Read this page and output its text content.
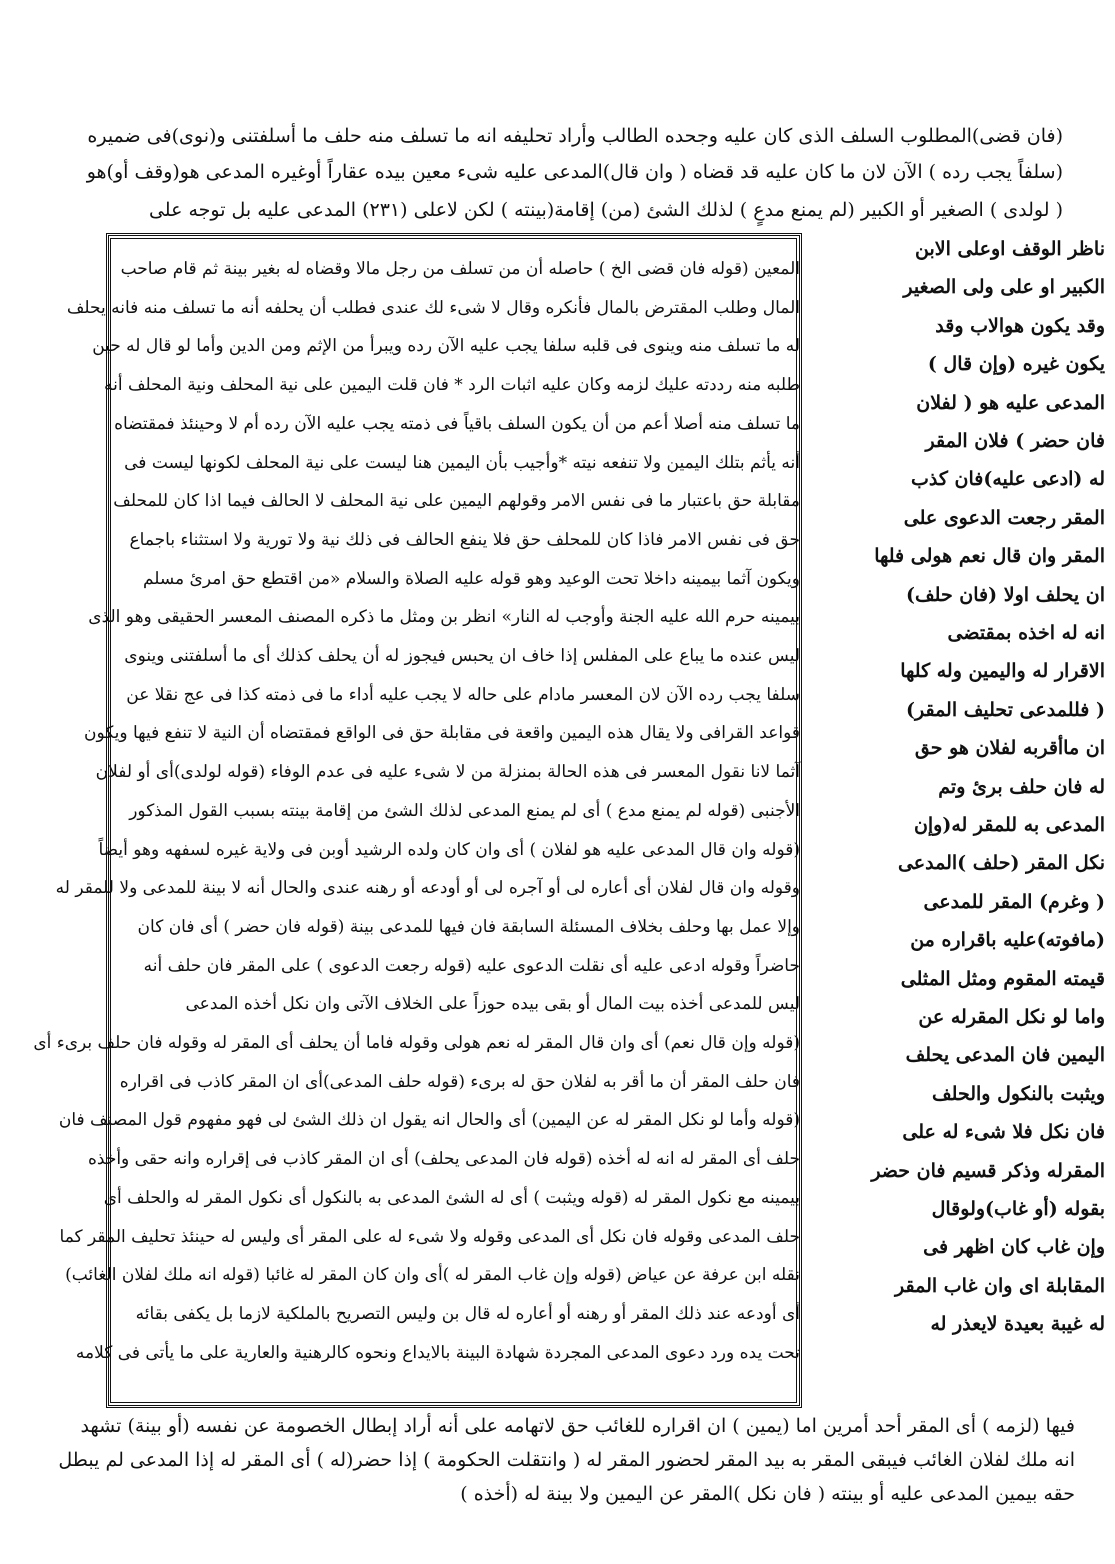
(فان قضى)المطلوب السلف الذى كان عليه وجحده الطالب وأراد تحليفه انه ما تسلف منه حلف ما أسلفتنى و(نوى)فى ضميره
(سلفاً يجب رده ) الآن لان ما كان عليه قد قضاه ( وان قال)المدعى عليه شىء معين بيده عقاراً أوغيره المدعى هو(وقف أو)هو
( لولدى ) الصغير أو الكبير (لم يمنع مدعٍ ) لذلك الشئ (من) إقامة(بينته ) لكن لاعلى (٢٣١) المدعى عليه بل توجه على
ناظر الوقف اوعلى الابن
الكبير او على ولى الصغير
وقد يكون هوالاب وقد
يكون غيره (وإن قال )
المدعى عليه هو ( لفلان
فان حضر ) فلان المقر
له (ادعى عليه)فان كذب
المقر رجعت الدعوى على
المقر وان قال نعم هولى فلها
ان يحلف اولا (فان حلف)
انه له اخذه بمقتضى
الاقرار له واليمين وله كلها
( فللمدعى تحليف المقر)
ان ماأقربه لفلان هو حق
له فان حلف برئ وتم
المدعى به للمقر له(وإن
نكل المقر (حلف )المدعى
( وغرم) المقر للمدعى
(مافوته)عليه باقراره من
قيمته المقوم ومثل المثلى
واما لو نكل المقرله عن
اليمين فان المدعى يحلف
ويثبت بالنكول والحلف
فان نكل فلا شىء له على
المقرله وذكر قسيم فان حضر
بقوله (أو غاب)ولوقال
وإن غاب كان اظهر فى
المقابلة اى وان غاب المقر
له غيبة بعيدة لايعذر له
المعين (قوله فان قضى الخ ) حاصله أن من تسلف من رجل مالا وقضاه له بغير بينة ثم قام صاحب
المال وطلب المقترض بالمال فأنكره وقال لا شىء لك عندى فطلب أن يحلفه أنه ما تسلف منه فانه يحلف
له ما تسلف منه وينوى فى قلبه سلفا يجب عليه الآن رده ويبرأ من الإثم ومن الدين وأما لو قال له حين
طلبه منه رددته عليك لزمه وكان عليه اثبات الرد * فان قلت اليمين على نية المحلف ونية المحلف أنه
ما تسلف منه أصلا أعم من أن يكون السلف باقياً فى ذمته يجب عليه الآن رده أم لا وحينئذ فمقتضاه
أنه يأثم بتلك اليمين ولا تنفعه نيته *وأجيب بأن اليمين هنا ليست على نية المحلف لكونها ليست فى
مقابلة حق باعتبار ما فى نفس الامر وقولهم اليمين على نية المحلف لا الحالف فيما اذا كان للمحلف
حق فى نفس الامر فاذا كان للمحلف حق فلا ينفع الحالف فى ذلك نية ولا تورية ولا استثناء باجماع
ويكون آثما بيمينه داخلا تحت الوعيد وهو قوله عليه الصلاة والسلام «من اقتطع حق امرئ مسلم
بيمينه حرم الله عليه الجنة وأوجب له النار» انظر بن ومثل ما ذكره المصنف المعسر الحقيقى وهو الذى
ليس عنده ما يباع على المفلس إذا خاف ان يحبس فيجوز له أن يحلف كذلك أى ما أسلفتنى وينوى
سلفا يجب رده الآن لان المعسر مادام على حاله لا يجب عليه أداء ما فى ذمته كذا فى عج نقلا عن
قواعد القرافى ولا يقال هذه اليمين واقعة فى مقابلة حق فى الواقع فمقتضاه أن النية لا تنفع فيها ويكون
آثما لانا نقول المعسر فى هذه الحالة بمنزلة من لا شىء عليه فى عدم الوفاء (قوله لولدى)أى أو لفلان
الأجنبى (قوله لم يمنع مدع ) أى لم يمنع المدعى لذلك الشئ من إقامة بينته بسبب القول المذكور
(قوله وان قال المدعى عليه هو لفلان ) أى وان كان ولده الرشيد أوبن فى ولاية غيره لسفهه وهو أيضاً
وقوله وان قال لفلان أى أعاره لى أو آجره لى أو أودعه أو رهنه عندى والحال أنه لا بينة للمدعى ولا للمقر له
وإلا عمل بها وحلف بخلاف المسئلة السابقة فان فيها للمدعى بينة (قوله فان حضر ) أى فان كان
حاضراً وقوله ادعى عليه أى نقلت الدعوى عليه (قوله رجعت الدعوى ) على المقر فان حلف أنه
ليس للمدعى أخذه بيت المال أو بقى بيده حوزاً على الخلاف الآتى وان نكل أخذه المدعى
(قوله وإن قال نعم) أى وان قال المقر له نعم هولى وقوله فاما أن يحلف أى المقر له وقوله فان حلف برىء أى
فان حلف المقر أن ما أقر به لفلان حق له برىء (قوله حلف المدعى)أى ان المقر كاذب فى اقراره
(قوله وأما لو نكل المقر له عن اليمين) أى والحال انه يقول ان ذلك الشئ لى فهو مفهوم قول المصنف فان
حلف أى المقر له انه له أخذه (قوله فان المدعى يحلف) أى ان المقر كاذب فى إقراره وانه حقى وأخذه
بيمينه مع نكول المقر له (قوله ويثبت ) أى له الشئ المدعى به بالنكول أى نكول المقر له والحلف أى
حلف المدعى وقوله فان نكل أى المدعى وقوله ولا شىء له على المقر أى وليس له حينئذ تحليف المقر كما
نقله ابن عرفة عن عياض (قوله وإن غاب المقر له )أى وان كان المقر له غائبا (قوله انه ملك لفلان الغائب)
أى أودعه عند ذلك المقر أو رهنه أو أعاره له قال بن وليس التصريح بالملكية لازما بل يكفى بقائه
تحت يده ورد دعوى المدعى المجردة شهادة البينة بالايداع ونحوه كالرهنية والعارية على ما يأتى فى كلامه
فيها (لزمه ) أى المقر أحد أمرين اما (يمين ) ان اقراره للغائب حق لاتهامه على أنه أراد إبطال الخصومة عن نفسه (أو بينة) تشهد
انه ملك لفلان الغائب فيبقى المقر به بيد المقر لحضور المقر له ( وانتقلت الحكومة ) إذا حضر(له ) أى المقر له إذا المدعى لم يبطل
حقه بيمين المدعى عليه أو بينته ( فان نكل )المقر عن اليمين ولا بينة له (أخذه )
